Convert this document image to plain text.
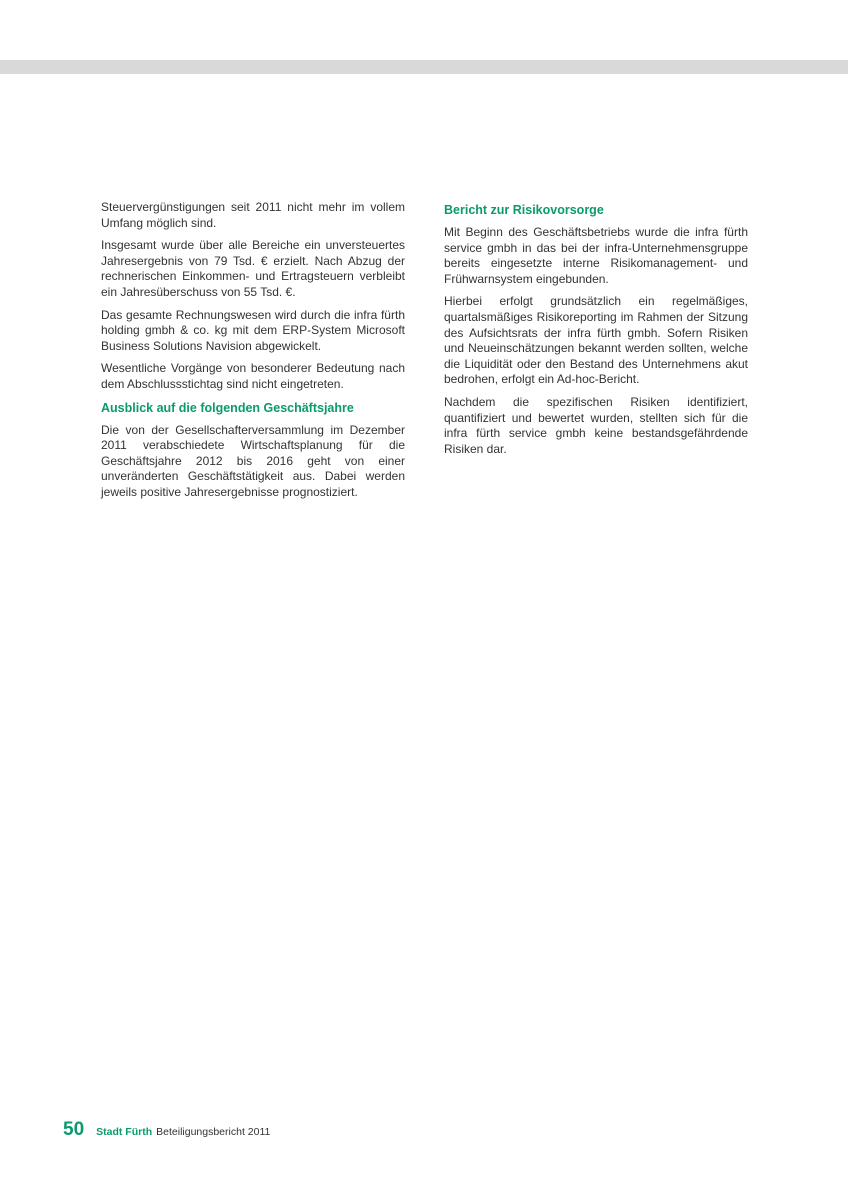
Steuervergünstigungen seit 2011 nicht mehr im vollem Umfang möglich sind.

Insgesamt wurde über alle Bereiche ein unversteuertes Jahresergebnis von 79 Tsd. € erzielt. Nach Abzug der rechnerischen Einkommen- und Ertragsteuern verbleibt ein Jahresüberschuss von 55 Tsd. €.

Das gesamte Rechnungswesen wird durch die infra fürth holding gmbh & co. kg mit dem ERP-System Microsoft Business Solutions Navision abgewickelt.

Wesentliche Vorgänge von besonderer Bedeutung nach dem Abschlussstichtag sind nicht eingetreten.

Ausblick auf die folgenden Geschäftsjahre

Die von der Gesellschafterversammlung im Dezember 2011 verabschiedete Wirtschaftsplanung für die Geschäftsjahre 2012 bis 2016 geht von einer unveränderten Geschäftstätigkeit aus. Dabei werden jeweils positive Jahresergebnisse prognostiziert.

Bericht zur Risikovorsorge

Mit Beginn des Geschäftsbetriebs wurde die infra fürth service gmbh in das bei der infra-Unternehmensgruppe bereits eingesetzte interne Risikomanagement- und Frühwarnsystem eingebunden.

Hierbei erfolgt grundsätzlich ein regelmäßiges, quartalsmäßiges Risikoreporting im Rahmen der Sitzung des Aufsichtsrats der infra fürth gmbh. Sofern Risiken und Neueinschätzungen bekannt werden sollten, welche die Liquidität oder den Bestand des Unternehmens akut bedrohen, erfolgt ein Ad-hoc-Bericht.

Nachdem die spezifischen Risiken identifiziert, quantifiziert und bewertet wurden, stellten sich für die infra fürth service gmbh keine bestandsgefährdende Risiken dar.

50 Stadt Fürth Beteiligungsbericht 2011
